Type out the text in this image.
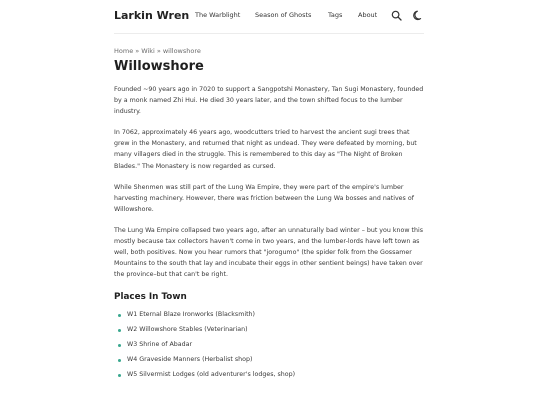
Larkin Wren The Warblight Season of Ghosts	Tags About
Home » Wiki » willowshore
Willowshore

Founded ~90 years ago in 7020 to support a Sangpotshi Monastery, Tan Sugi Monastery, founded by a monk named Zhi Hui. He died 30 years later, and the town shifted focus to the lumber industry.

In 7062, approximately 46 years ago, woodcutters tried to harvest the ancient sugi trees that grew in the Monastery, and returned that night as undead. They were defeated by morning, but many villagers died in the struggle. This is remembered to this day as "The Night of Broken Blades." The Monastery is now regarded as cursed.

While Shenmen was still part of the Lung Wa Empire, they were part of the empire's lumber harvesting machinery. However, there was friction between the Lung Wa bosses and natives of Willowshore.

The Lung Wa Empire collapsed two years ago, after an unnaturally bad winter – but you know this mostly because tax collectors haven't come in two years, and the lumber-lords have left town as well, both positives. Now you hear rumors that "jorogumo" (the spider folk from the Gossamer Mountains to the south that lay and incubate their eggs in other sentient beings) have taken over the province–but that can't be right.

Places In Town
W1 Eternal Blaze Ironworks (Blacksmith)
W2 Willowshore Stables (Veterinarian)
W3 Shrine of Abadar
W4 Graveside Manners (Herbalist shop)
W5 Silvermist Lodges (old adventurer's lodges, shop)
